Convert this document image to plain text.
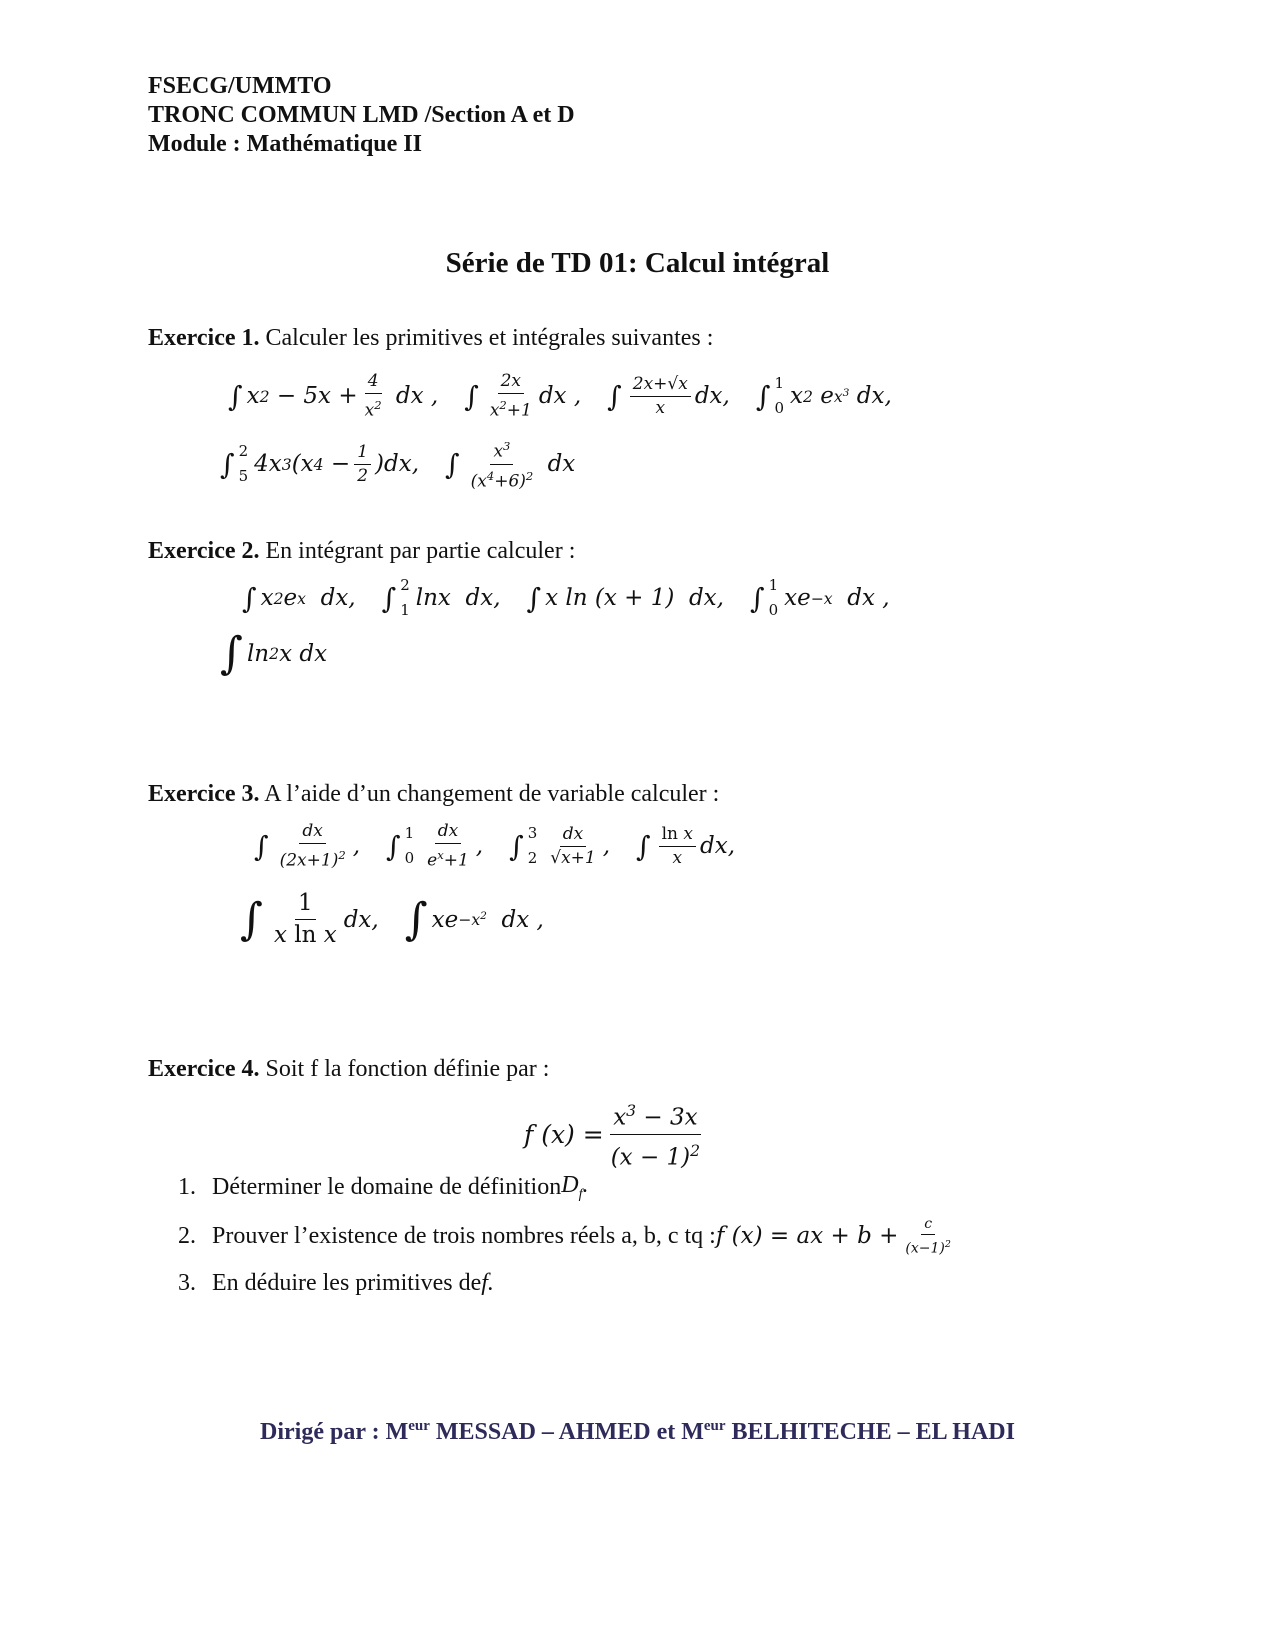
FSECG/UMMTO
TRONC COMMUN LMD /Section A et D
Module : Mathématique II
Série de TD 01: Calcul intégral
Exercice 1. Calculer les primitives et intégrales suivantes :
∫ x 2 − 5x +
4
$x^2$ dx , ∫ 2x
$x^2+1$
dx , ∫ 2x+√x
x dx, ∫ 1
0 x 2 e $x^3$ dx,
∫ 2
5 4x 3 (x 4 − 1
2 )dx, ∫ $x^3$
$(x^4+6)^2$ dx
Exercice 2. En intégrant par partie calculer :
∫ x 2 e x dx, ∫ 2
1 lnx  dx, ∫ x ln (x + 1)  dx, ∫ 1
0 xe −x dx ,
∫ ln 2 x dx
Exercice 3. A l’aide d’un changement de variable calculer :
∫ dx
$(2x+1)^2$ , ∫ 1
0
dx
$e^x+1$
, ∫ 3
2
dx
√x+1 , ∫ ln x
x dx,
∫ 1
x ln x
dx, ∫ xe $-x^2$ dx ,
Exercice 4. Soit f la fonction définie par :
f (x) =
$x^3 - 3x$
$(x - 1)^2$
1. Déterminer le domaine de définition $D_f$.
2. Prouver l’existence de trois nombres réels a, b, c tq : f (x) = ax + b + c
$(x-1)^2$
3. En déduire les primitives de f.
Dirigé par : $M^{eur}$ MESSAD – AHMED et $M^{eur}$ BELHITECHE – EL HADI
